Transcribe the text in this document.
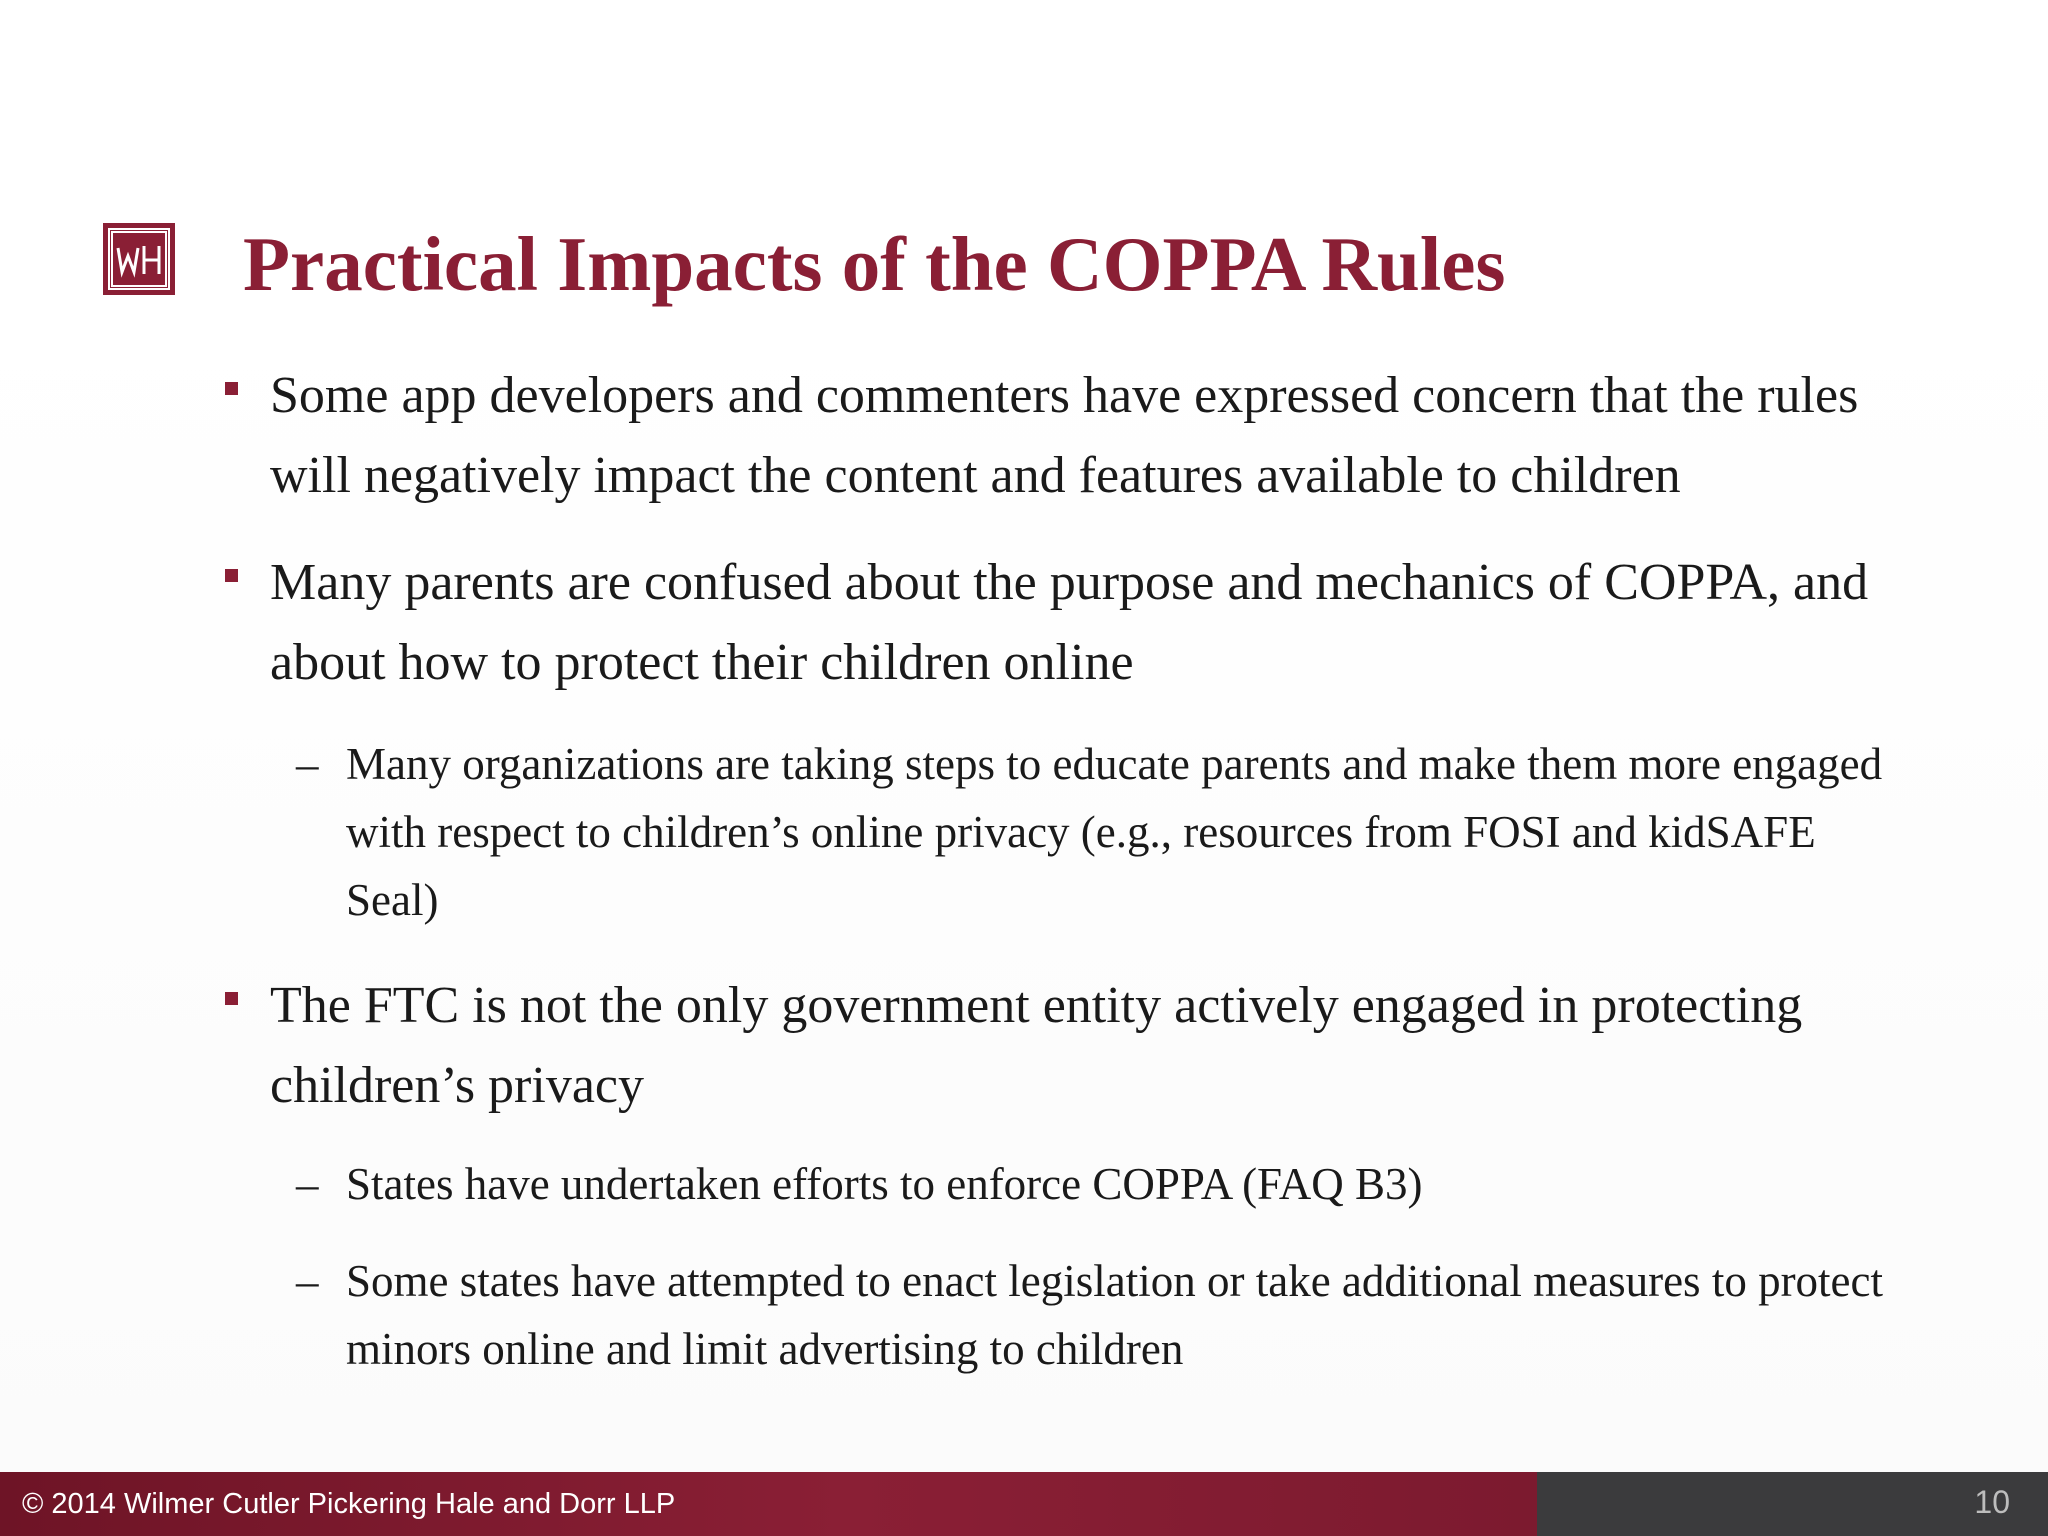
Practical Impacts of the COPPA Rules
Some app developers and commenters have expressed concern that the rules will negatively impact the content and features available to children
Many parents are confused about the purpose and mechanics of COPPA, and about how to protect their children online
– Many organizations are taking steps to educate parents and make them more engaged with respect to children’s online privacy (e.g., resources from FOSI and kidSAFE Seal)
The FTC is not the only government entity actively engaged in protecting children’s privacy
– States have undertaken efforts to enforce COPPA (FAQ B3)
– Some states have attempted to enact legislation or take additional measures to protect minors online and limit advertising to children
© 2014 Wilmer Cutler Pickering Hale and Dorr LLP	10
